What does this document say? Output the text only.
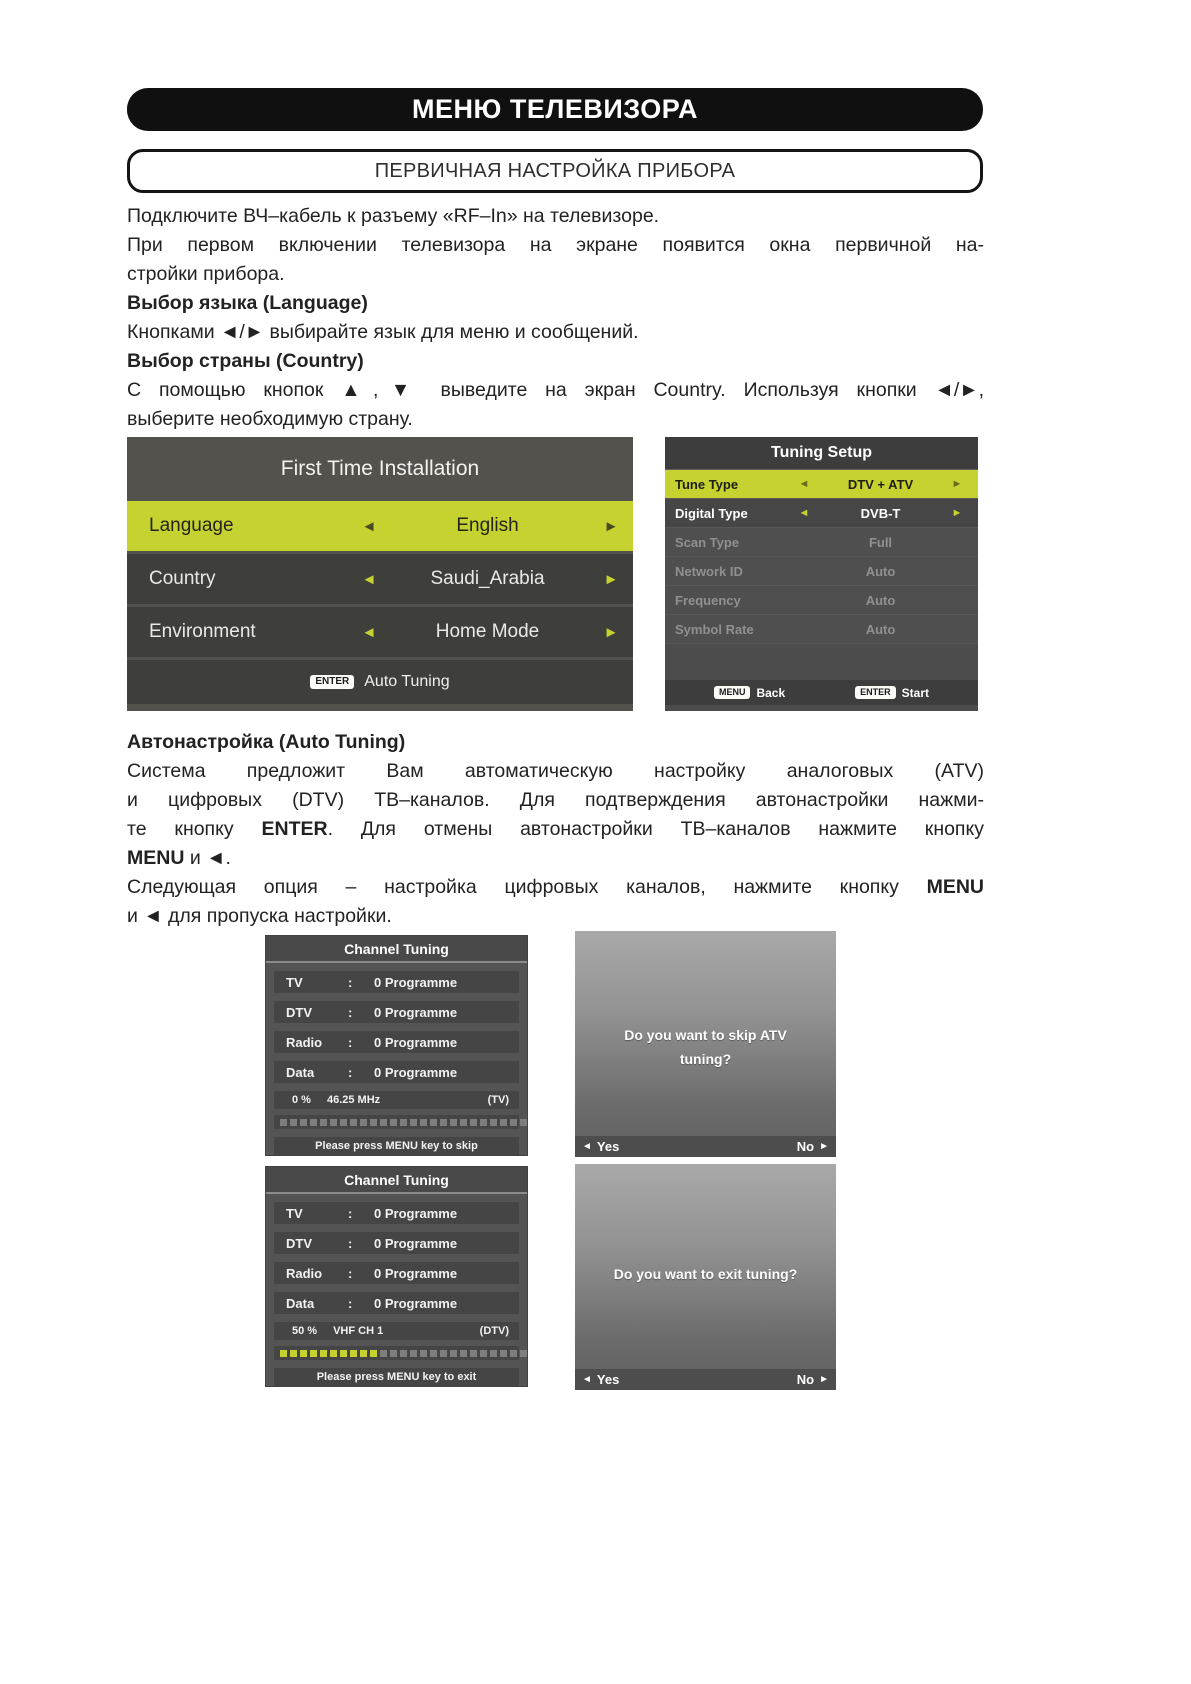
МЕНЮ ТЕЛЕВИЗОРА
ПЕРВИЧНАЯ НАСТРОЙКА ПРИБОРА
Подключите ВЧ–кабель к разъему «RF–In» на телевизоре.
При первом включении телевизора на экране появится окна первичной на-
стройки прибора.
Выбор языка (Language)
Кнопками ◄/► выбирайте язык для меню и сообщений.
Выбор страны (Country)
С помощью кнопок ▲,▼ выведите на экран Country. Используя кнопки ◄/►,
выберите необходимую страну.
First Time Installation
Language	◄	English	►
Country	◄	Saudi_Arabia	►
Environment	◄	Home Mode	►
ENTER Auto Tuning
Tuning Setup
Tune Type	◄	DTV + ATV	►
Digital Type	◄	DVB-T	►
Scan Type	Full
Network ID	Auto
Frequency	Auto
Symbol Rate	Auto
MENU Back	ENTER Start
Автонастройка (Auto Tuning)
Система предложит Вам автоматическую настройку аналоговых (ATV)
и цифровых (DTV) ТВ–каналов. Для подтверждения автонастройки нажми-
те кнопку ENTER. Для отмены автонастройки ТВ–каналов нажмите кнопку
MENU и ◄.
Следующая опция – настройка цифровых каналов, нажмите кнопку MENU
и ◄ для пропуска настройки.
Channel Tuning
TV	:	0 Programme
DTV	:	0 Programme
Radio	:	0 Programme
Data	:	0 Programme
0 % 46.25 MHz	(TV)
Please press MENU key to skip
Channel Tuning
TV	:	0 Programme
DTV	:	0 Programme
Radio	:	0 Programme
Data	:	0 Programme
50 % VHF CH 1	(DTV)
Please press MENU key to exit
Do you want to skip ATV
tuning?
◄ Yes	No ►
Do you want to exit tuning?
◄ Yes	No ►
